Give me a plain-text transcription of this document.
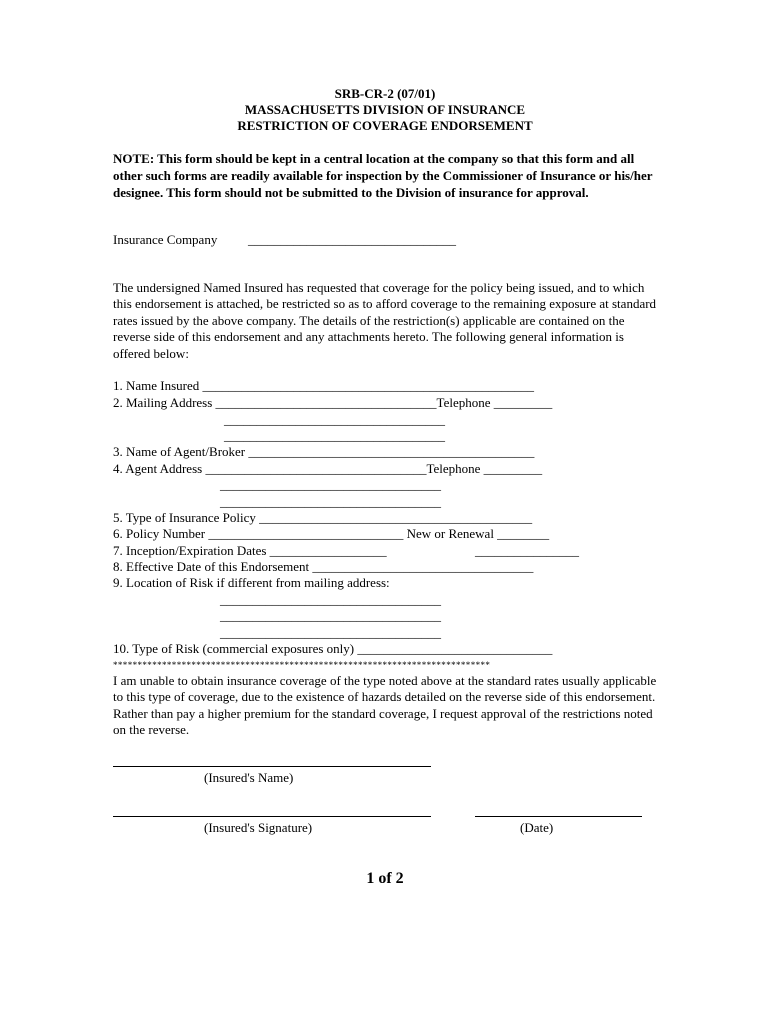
SRB-CR-2 (07/01)
MASSACHUSETTS DIVISION OF INSURANCE
RESTRICTION OF COVERAGE ENDORSEMENT
NOTE: This form should be kept in a central location at the company so that this form and all other such forms are readily available for inspection by the Commissioner of Insurance or his/her designee. This form should not be submitted to the Division of insurance for approval.
Insurance Company ________________________________
The undersigned Named Insured has requested that coverage for the policy being issued, and to which this endorsement is attached, be restricted so as to afford coverage to the remaining exposure at standard rates issued by the above company. The details of the restriction(s) applicable are contained on the reverse side of this endorsement and any attachments hereto. The following general information is offered below:
1. Name Insured ___________________________________________________
2. Mailing Address __________________________________Telephone _________
__________________________________
__________________________________
3. Name of Agent/Broker ____________________________________________
4. Agent Address __________________________________Telephone _________
__________________________________
__________________________________
5. Type of Insurance Policy __________________________________________
6. Policy Number ______________________________ New or Renewal ________
7. Inception/Expiration Dates __________________	________________
8. Effective Date of this Endorsement __________________________________
9. Location of Risk if different from mailing address:
__________________________________
__________________________________
__________________________________
10. Type of Risk (commercial exposures only) ______________________________
*****************************************************************************
I am unable to obtain insurance coverage of the type noted above at the standard rates usually applicable to this type of coverage, due to the existence of hazards detailed on the reverse side of this endorsement. Rather than pay a higher premium for the standard coverage, I request approval of the restrictions noted on the reverse.
(Insured's Name)
(Insured's Signature)	(Date)
1 of 2
